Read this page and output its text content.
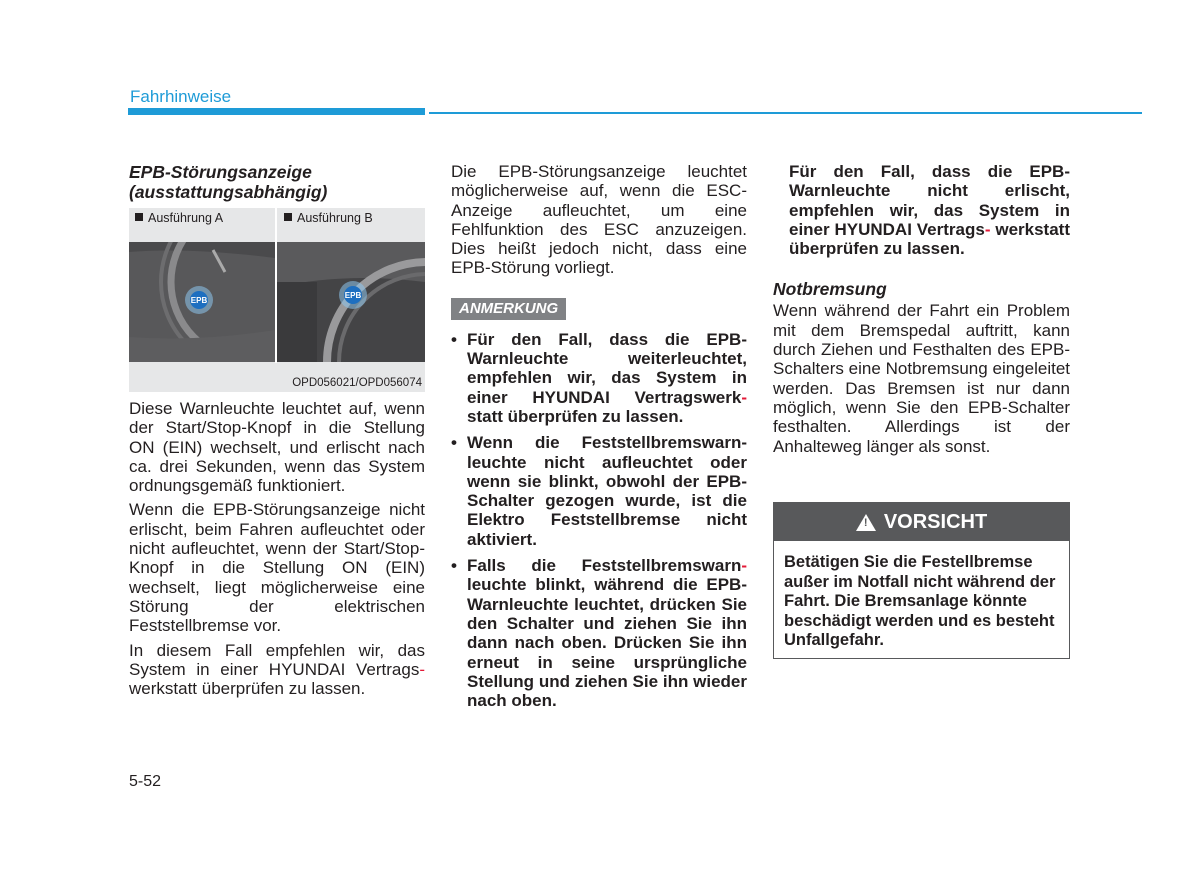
Fahrhinweise

EPB-Störungsanzeige

(ausstattungsabhängig)

Ausführung A	Ausführung B
EPB
EPB
OPD056021/OPD056074

Diese Warnleuchte leuchtet auf, wenn der Start/Stop-Knopf in die Stellung ON (EIN) wechselt, und erlischt nach ca. drei Sekunden, wenn das System ordnungsgemäß funktioniert.

Wenn die EPB-Störungsanzeige nicht erlischt, beim Fahren aufleuchtet oder nicht aufleuchtet, wenn der Start/Stop-Knopf in die Stellung ON (EIN) wechselt, liegt möglicherweise eine Störung der elektrischen Feststellbremse vor.

In diesem Fall empfehlen wir, das System in einer HYUNDAI Vertrags- werkstatt überprüfen zu lassen.

Die EPB-Störungsanzeige leuchtet möglicherweise auf, wenn die ESC-Anzeige aufleuchtet, um eine Fehlfunktion des ESC anzuzeigen. Dies heißt jedoch nicht, dass eine EPB-Störung vorliegt.

ANMERKUNG
• Für den Fall, dass die EPB-Warnleuchte weiterleuchtet, empfehlen wir, das System in einer HYUNDAI Vertragswerk- statt überprüfen zu lassen.
• Wenn die Feststellbremswarn-leuchte nicht aufleuchtet oder wenn sie blinkt, obwohl der EPB-Schalter gezogen wurde, ist die Elektro Feststellbremse nicht aktiviert.
• Falls die Feststellbremswarn- leuchte blinkt, während die EPB-Warnleuchte leuchtet, drücken Sie den Schalter und ziehen Sie ihn dann nach oben. Drücken Sie ihn erneut in seine ursprüngliche Stellung und ziehen Sie ihn wieder nach oben.

Für den Fall, dass die EPB-Warnleuchte nicht erlischt, empfehlen wir, das System in einer HYUNDAI Vertrags- werkstatt überprüfen zu lassen.

Notbremsung

Wenn während der Fahrt ein Problem mit dem Bremspedal auftritt, kann durch Ziehen und Festhalten des EPB-Schalters eine Notbremsung eingeleitet werden. Das Bremsen ist nur dann möglich, wenn Sie den EPB-Schalter festhalten. Allerdings ist der Anhalteweg länger als sonst.

! VORSICHT
Betätigen Sie die Festellbremse außer im Notfall nicht während der Fahrt. Die Bremsanlage könnte beschädigt werden und es besteht Unfallgefahr.
5-52
